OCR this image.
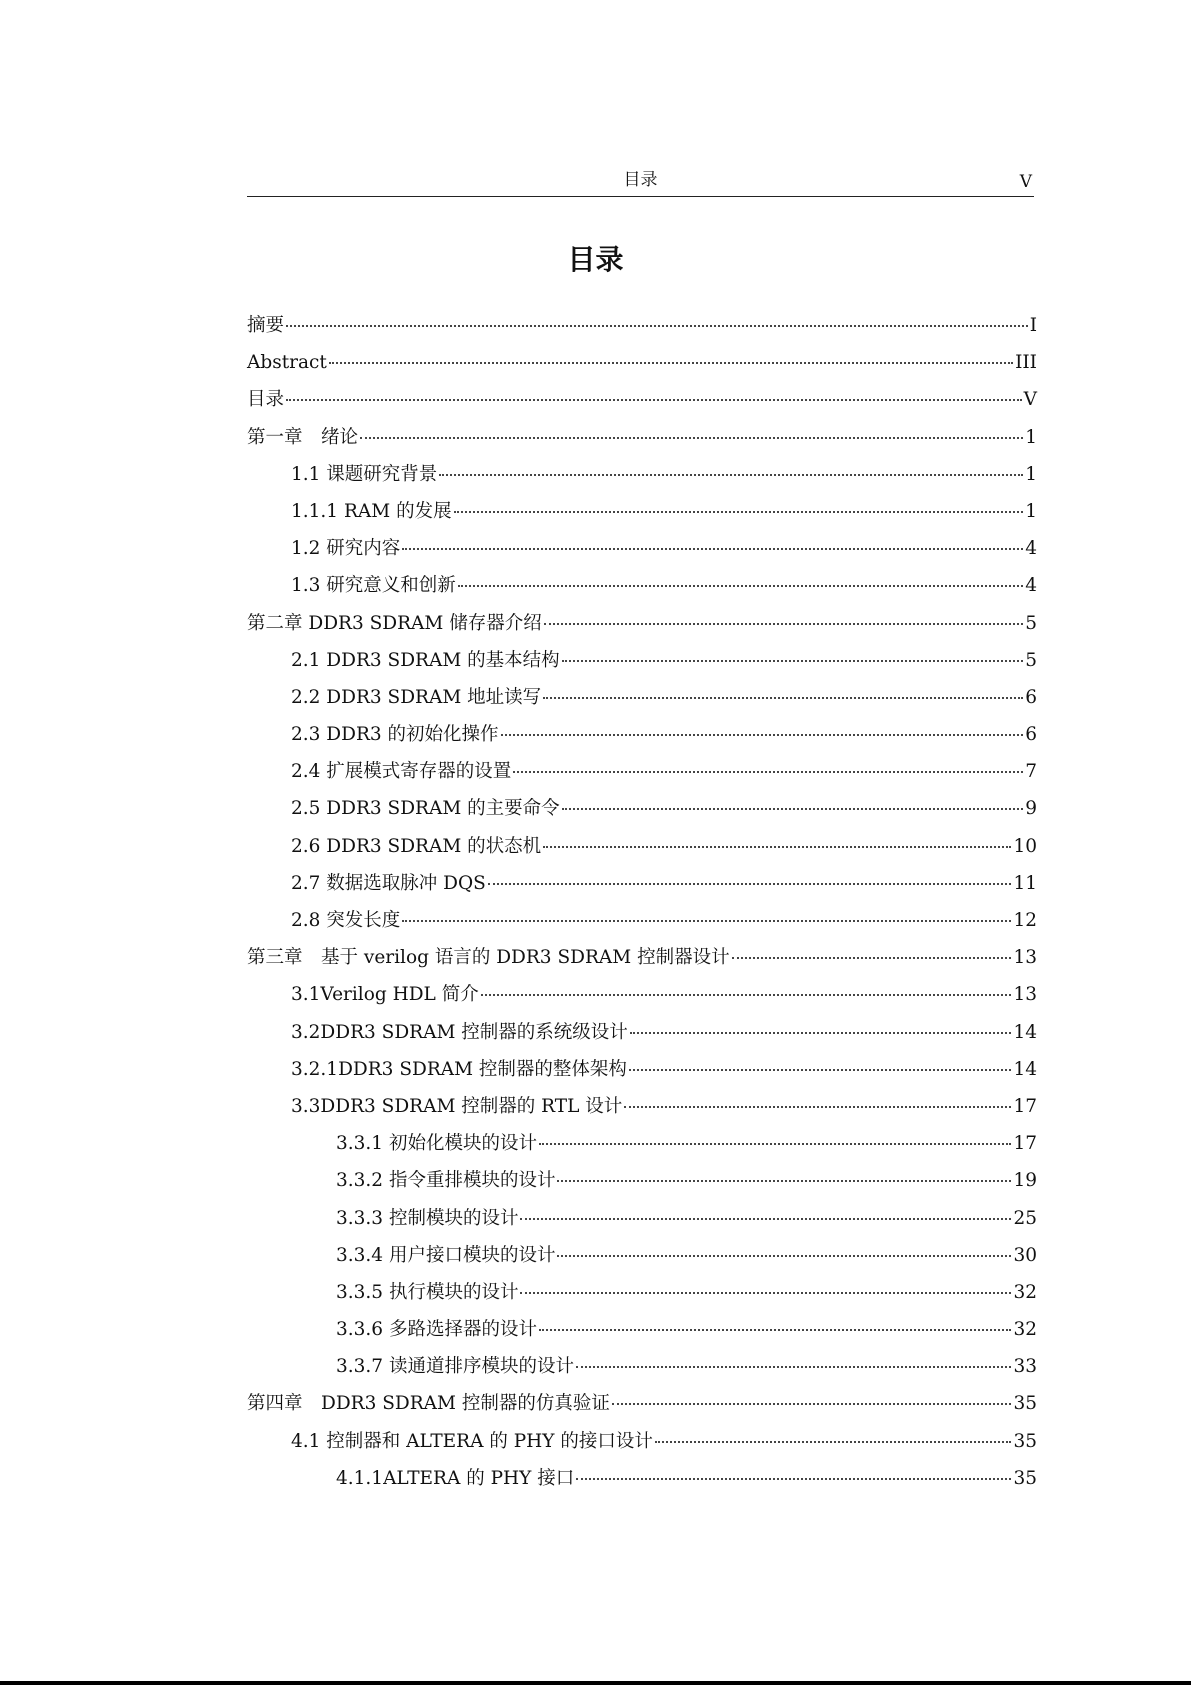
目录	V
目录
摘要	I
Abstract	III
目录	V
第一章　绪论	1
1.1 课题研究背景	1
1.1.1 RAM 的发展	1
1.2 研究内容	4
1.3 研究意义和创新	4
第二章 DDR3 SDRAM 储存器介绍	5
2.1 DDR3 SDRAM 的基本结构	5
2.2 DDR3 SDRAM 地址读写	6
2.3 DDR3 的初始化操作	6
2.4 扩展模式寄存器的设置	7
2.5 DDR3 SDRAM 的主要命令	9
2.6 DDR3 SDRAM 的状态机	10
2.7 数据选取脉冲 DQS	11
2.8 突发长度	12
第三章　基于 verilog 语言的 DDR3 SDRAM 控制器设计	13
3.1Verilog HDL 简介	13
3.2DDR3 SDRAM 控制器的系统级设计	14
3.2.1DDR3 SDRAM 控制器的整体架构	14
3.3DDR3 SDRAM 控制器的 RTL 设计	17
3.3.1 初始化模块的设计	17
3.3.2 指令重排模块的设计	19
3.3.3 控制模块的设计	25
3.3.4 用户接口模块的设计	30
3.3.5 执行模块的设计	32
3.3.6 多路选择器的设计	32
3.3.7 读通道排序模块的设计	33
第四章　DDR3 SDRAM 控制器的仿真验证	35
4.1 控制器和 ALTERA 的 PHY 的接口设计	35
4.1.1ALTERA 的 PHY 接口	35
